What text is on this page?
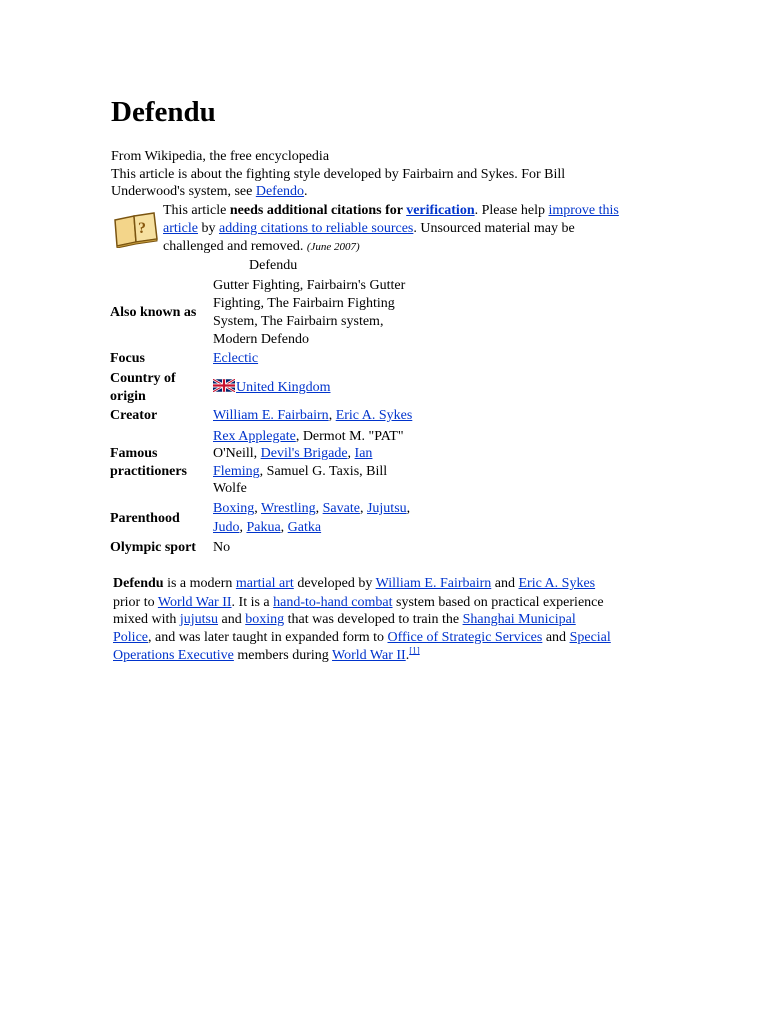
Defendu
From Wikipedia, the free encyclopedia
This article is about the fighting style developed by Fairbairn and Sykes. For Bill
Underwood's system, see Defendo.
?
This article needs additional citations for verification. Please help improve this
article by adding citations to reliable sources. Unsourced material may be
challenged and removed. (June 2007)
Defendu
Also known as
Gutter Fighting, Fairbairn's Gutter
Fighting, The Fairbairn Fighting
System, The Fairbairn system,
Modern Defendo
Focus	Eclectic
Country of
origin
United Kingdom
Creator	William E. Fairbairn, Eric A. Sykes
Famous
practitioners
Rex Applegate, Dermot M. "PAT"
O'Neill, Devil's Brigade, Ian
Fleming, Samuel G. Taxis, Bill
Wolfe
Parenthood
Boxing, Wrestling, Savate, Jujutsu,
Judo, Pakua, Gatka
Olympic sport No
Defendu is a modern martial art developed by William E. Fairbairn and Eric A. Sykes
prior to World War II. It is a hand-to-hand combat system based on practical experience
mixed with jujutsu and boxing that was developed to train the Shanghai Municipal
Police, and was later taught in expanded form to Office of Strategic Services and Special
Operations Executive members during World War II.[1]
